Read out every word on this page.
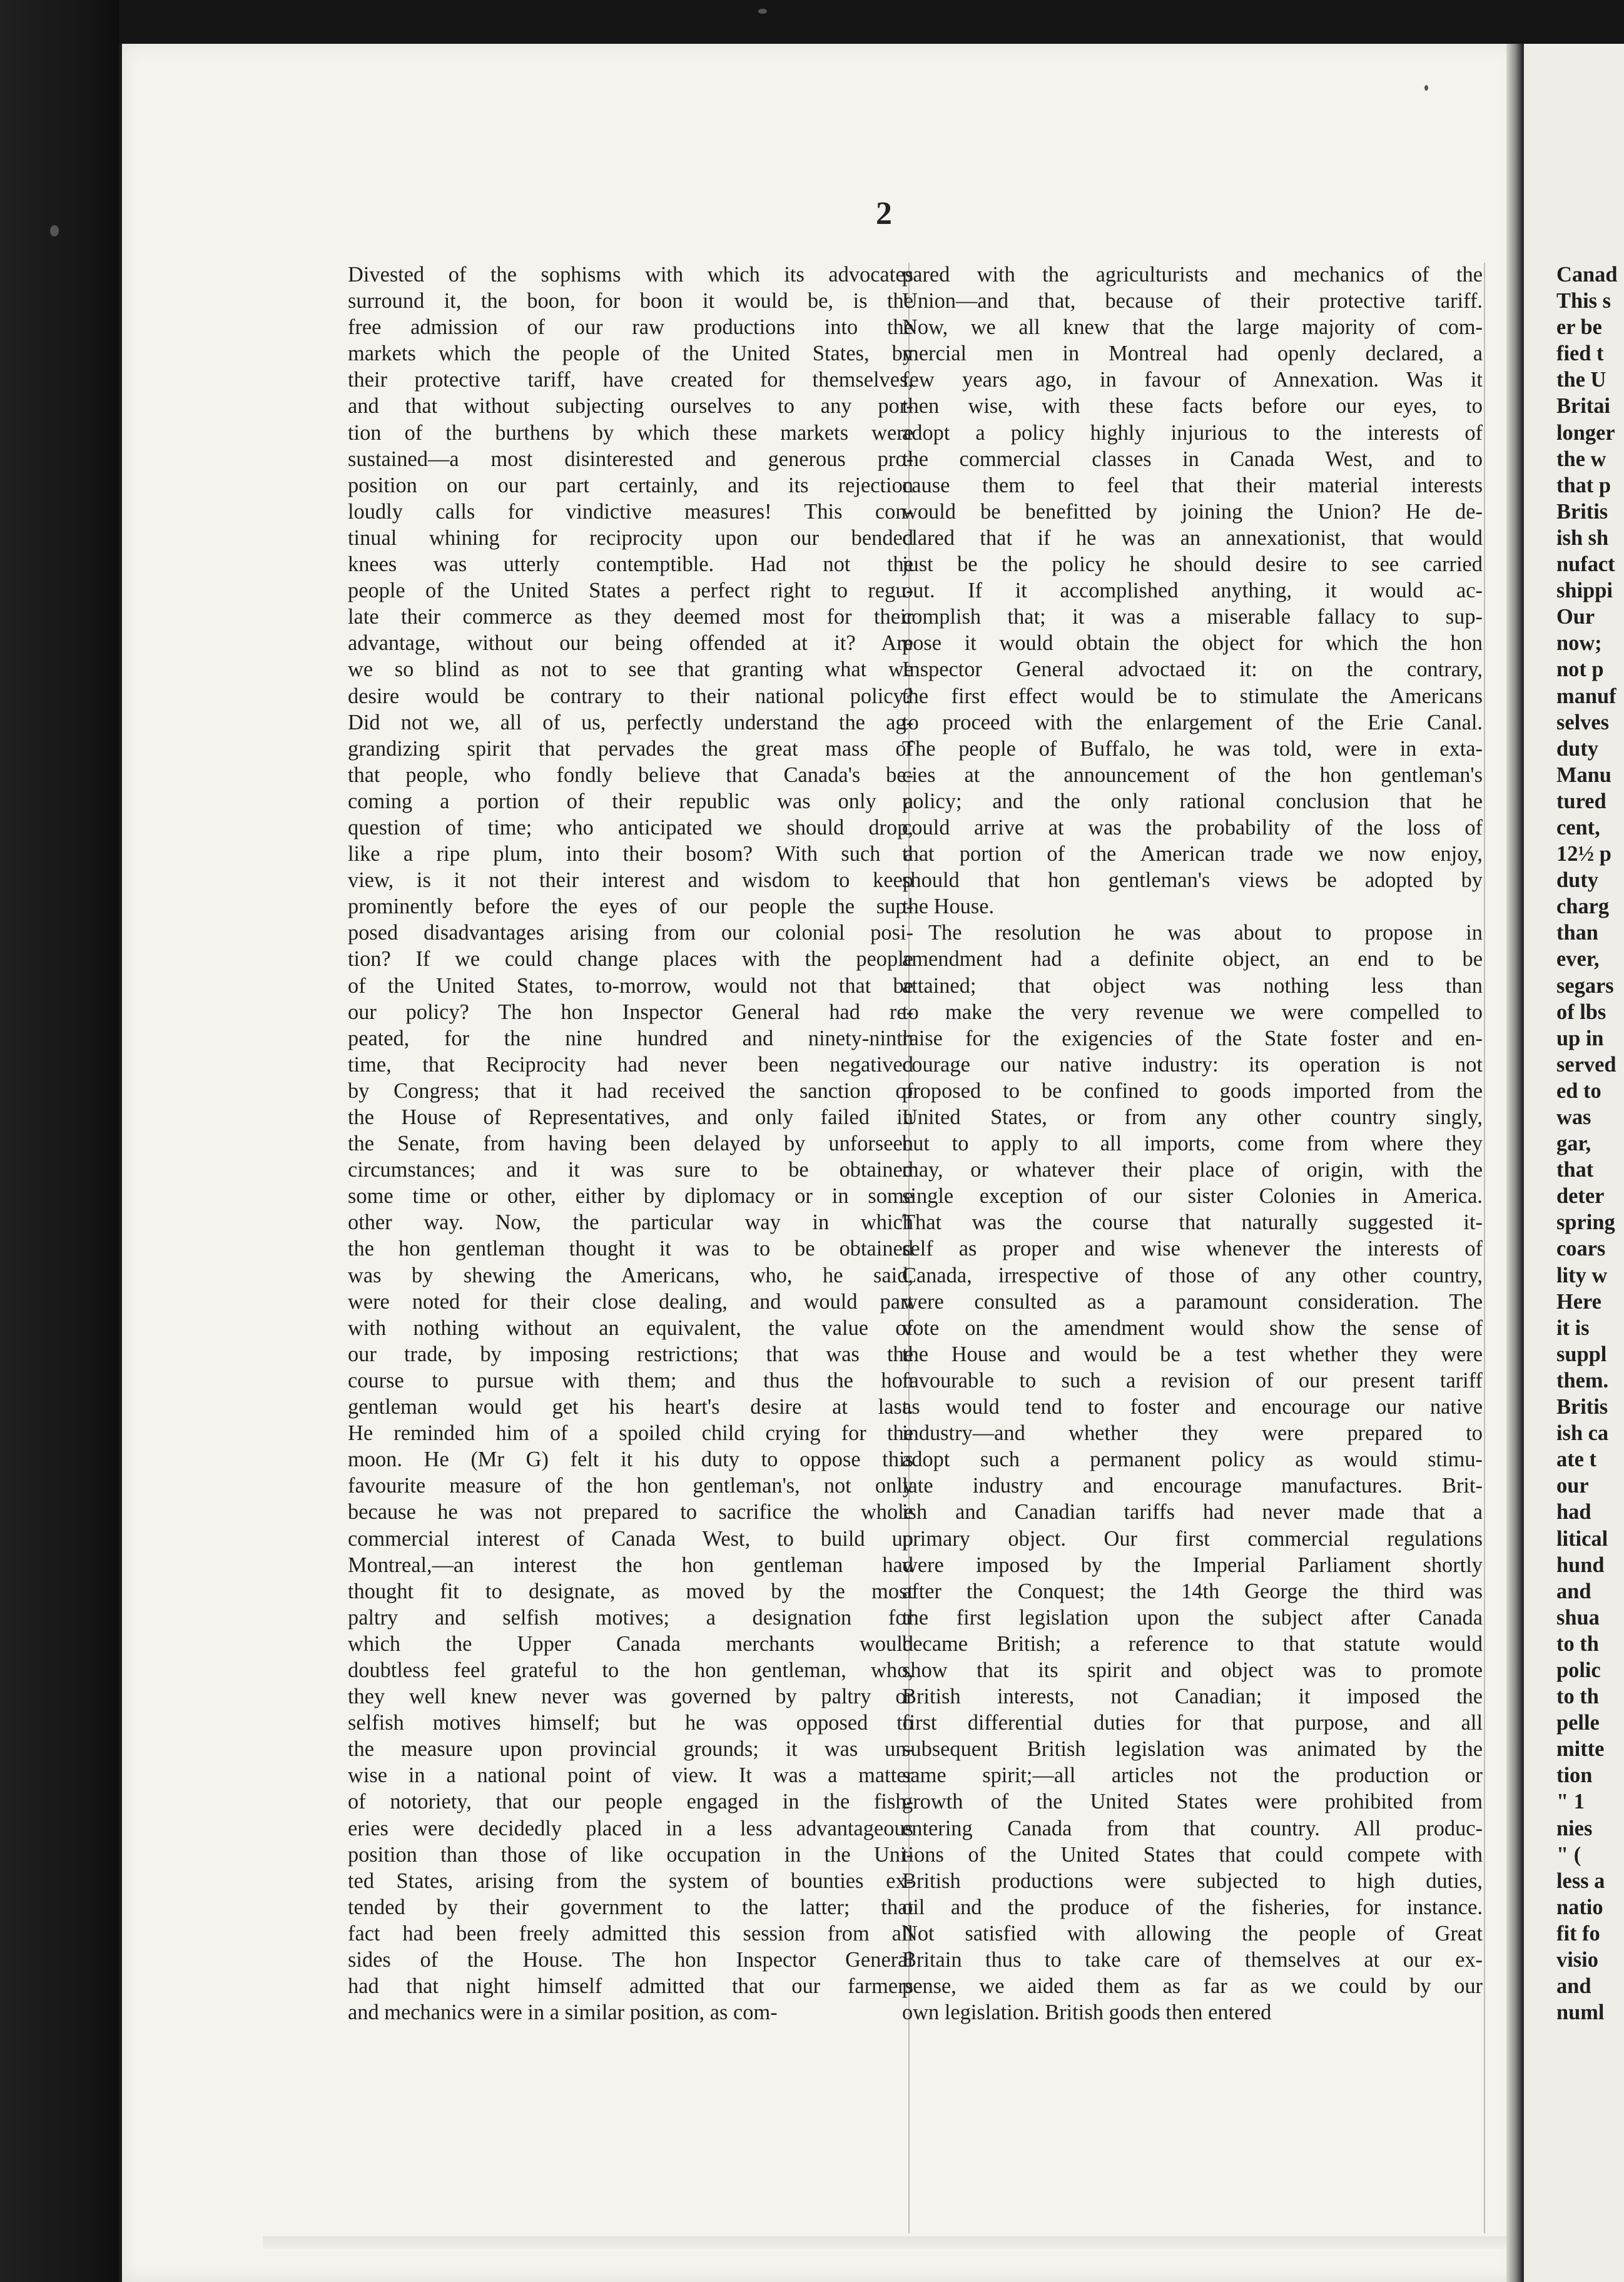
2
Divested of the sophisms with which its advocates
surround it, the boon, for boon it would be, is the
free admission of our raw productions into the
markets which the people of the United States, by
their protective tariff, have created for themselves,
and that without subjecting ourselves to any por-
tion of the burthens by which these markets were
sustained—a most disinterested and generous pro-
position on our part certainly, and its rejection
loudly calls for vindictive measures! This con-
tinual whining for reciprocity upon our bended
knees was utterly contemptible. Had not the
people of the United States a perfect right to regu-
late their commerce as they deemed most for their
advantage, without our being offended at it? Are
we so blind as not to see that granting what we
desire would be contrary to their national policy?
Did not we, all of us, perfectly understand the ag-
grandizing spirit that pervades the great mass of
that people, who fondly believe that Canada's be-
coming a portion of their republic was only a
question of time; who anticipated we should drop,
like a ripe plum, into their bosom? With such a
view, is it not their interest and wisdom to keep
prominently before the eyes of our people the sup-
posed disadvantages arising from our colonial posi-
tion? If we could change places with the people
of the United States, to-morrow, would not that be
our policy? The hon Inspector General had re-
peated, for the nine hundred and ninety-ninth
time, that Reciprocity had never been negatived
by Congress; that it had received the sanction of
the House of Representatives, and only failed in
the Senate, from having been delayed by unforseen
circumstances; and it was sure to be obtained
some time or other, either by diplomacy or in some
other way. Now, the particular way in which
the hon gentleman thought it was to be obtained
was by shewing the Americans, who, he said,
were noted for their close dealing, and would part
with nothing without an equivalent, the value of
our trade, by imposing restrictions; that was the
course to pursue with them; and thus the hon
gentleman would get his heart's desire at last.
He reminded him of a spoiled child crying for the
moon. He (Mr G) felt it his duty to oppose this
favourite measure of the hon gentleman's, not only
because he was not prepared to sacrifice the whole
commercial interest of Canada West, to build up
Montreal,—an interest the hon gentleman had
thought fit to designate, as moved by the most
paltry and selfish motives; a designation for
which the Upper Canada merchants would
doubtless feel grateful to the hon gentleman, who,
they well knew never was governed by paltry or
selfish motives himself; but he was opposed to
the measure upon provincial grounds; it was un-
wise in a national point of view. It was a matter
of notoriety, that our people engaged in the fish-
eries were decidedly placed in a less advantageous
position than those of like occupation in the Uni-
ted States, arising from the system of bounties ex-
tended by their government to the latter; that
fact had been freely admitted this session from all
sides of the House. The hon Inspector General
had that night himself admitted that our farmers
and mechanics were in a similar position, as com-
pared with the agriculturists and mechanics of the
Union—and that, because of their protective tariff.
Now, we all knew that the large majority of com-
mercial men in Montreal had openly declared, a
few years ago, in favour of Annexation. Was it
then wise, with these facts before our eyes, to
adopt a policy highly injurious to the interests of
the commercial classes in Canada West, and to
cause them to feel that their material interests
would be benefitted by joining the Union? He de-
clared that if he was an annexationist, that would
just be the policy he should desire to see carried
out. If it accomplished anything, it would ac-
complish that; it was a miserable fallacy to sup-
pose it would obtain the object for which the hon
Inspector General advoctaed it: on the contrary,
the first effect would be to stimulate the Americans
to proceed with the enlargement of the Erie Canal.
The people of Buffalo, he was told, were in exta-
cies at the announcement of the hon gentleman's
policy; and the only rational conclusion that he
could arrive at was the probability of the loss of
that portion of the American trade we now enjoy,
should that hon gentleman's views be adopted by
the House.
The resolution he was about to propose in
amendment had a definite object, an end to be
attained; that object was nothing less than
to make the very revenue we were compelled to
raise for the exigencies of the State foster and en-
courage our native industry: its operation is not
proposed to be confined to goods imported from the
United States, or from any other country singly,
but to apply to all imports, come from where they
may, or whatever their place of origin, with the
single exception of our sister Colonies in America.
That was the course that naturally suggested it-
self as proper and wise whenever the interests of
Canada, irrespective of those of any other country,
were consulted as a paramount consideration. The
vote on the amendment would show the sense of
the House and would be a test whether they were
favourable to such a revision of our present tariff
as would tend to foster and encourage our native
industry—and whether they were prepared to
adopt such a permanent policy as would stimu-
late industry and encourage manufactures. Brit-
ish and Canadian tariffs had never made that a
primary object. Our first commercial regulations
were imposed by the Imperial Parliament shortly
after the Conquest; the 14th George the third was
the first legislation upon the subject after Canada
became British; a reference to that statute would
show that its spirit and object was to promote
British interests, not Canadian; it imposed the
first differential duties for that purpose, and all
subsequent British legislation was animated by the
same spirit;—all articles not the production or
growth of the United States were prohibited from
entering Canada from that country. All produc-
tions of the United States that could compete with
British productions were subjected to high duties,
oil and the produce of the fisheries, for instance.
Not satisfied with allowing the people of Great
Britain thus to take care of themselves at our ex-
pense, we aided them as far as we could by our
own legislation. British goods then entered
Canad
This s
er be
fied t
the U
Britai
longer
the w
that p
Britis
ish sh
nufact
shippi
Our
now;
not p
manuf
selves
duty
Manu
tured
cent,
12½ p
duty
charg
than
ever,
segars
of lbs
up in
served
ed to
was
gar,
that
deter
spring
coars
lity w
Here
it is
suppl
them.
Britis
ish ca
ate t
our
had
litical
hund
and
shua
to th
polic
to th
pelle
mitte
tion
" 1
nies
" (
less a
natio
fit fo
visio
and
numl
